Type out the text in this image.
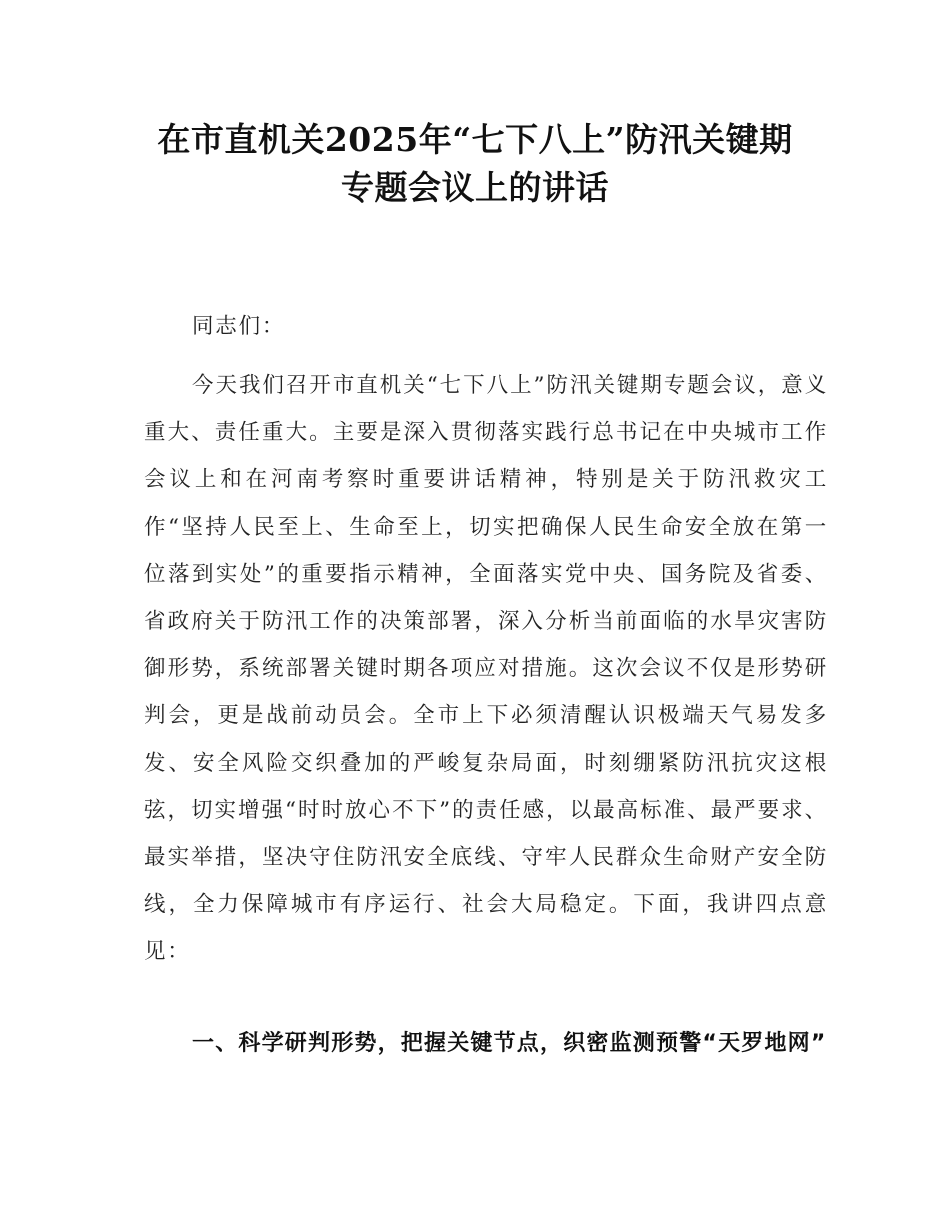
在市直机关2025年“七下八上”防汛关键期
专题会议上的讲话

同志们：

今天我们召开市直机关“七下八上”防汛关键期专题会议，意义重大、责任重大。主要是深入贯彻落实践行总书记在中央城市工作会议上和在河南考察时重要讲话精神，特别是关于防汛救灾工作“坚持人民至上、生命至上，切实把确保人民生命安全放在第一位落到实处”的重要指示精神，全面落实党中央、国务院及省委、省政府关于防汛工作的决策部署，深入分析当前面临的水旱灾害防御形势，系统部署关键时期各项应对措施。这次会议不仅是形势研判会，更是战前动员会。全市上下必须清醒认识极端天气易发多发、安全风险交织叠加的严峻复杂局面，时刻绷紧防汛抗灾这根弦，切实增强“时时放心不下”的责任感，以最高标准、最严要求、最实举措，坚决守住防汛安全底线、守牢人民群众生命财产安全防线，全力保障城市有序运行、社会大局稳定。下面，我讲四点意见：

一、科学研判形势，把握关键节点，织密监测预警“天罗地网”
